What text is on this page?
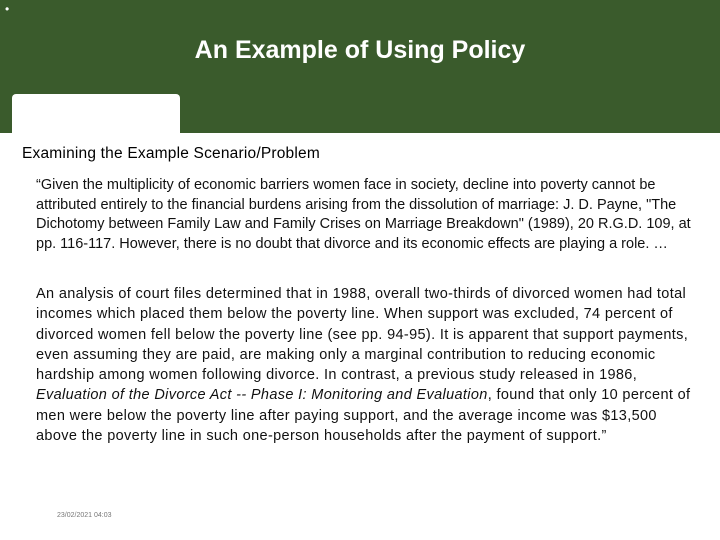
•
An Example of Using Policy
Examining the Example Scenario/Problem
“Given the multiplicity of economic barriers women face in society, decline into poverty cannot be attributed entirely to the financial burdens arising from the dissolution of marriage: J. D. Payne, "The Dichotomy between Family Law and Family Crises on Marriage Breakdown" (1989), 20 R.G.D. 109, at pp. 116‑117. However, there is no doubt that divorce and its economic effects are playing a role. …
An analysis of court files determined that in 1988, overall two‑thirds of divorced women had total incomes which placed them below the poverty line. When support was excluded, 74 percent of divorced women fell below the poverty line (see pp. 94-95). It is apparent that support payments, even assuming they are paid, are making only a marginal contribution to reducing economic hardship among women following divorce. In contrast, a previous study released in 1986, Evaluation of the Divorce Act -- Phase I: Monitoring and Evaluation, found that only 10 percent of men were below the poverty line after paying support, and the average income was $13,500 above the poverty line in such one‑person households after the payment of support.”
23/02/2021 04:03
